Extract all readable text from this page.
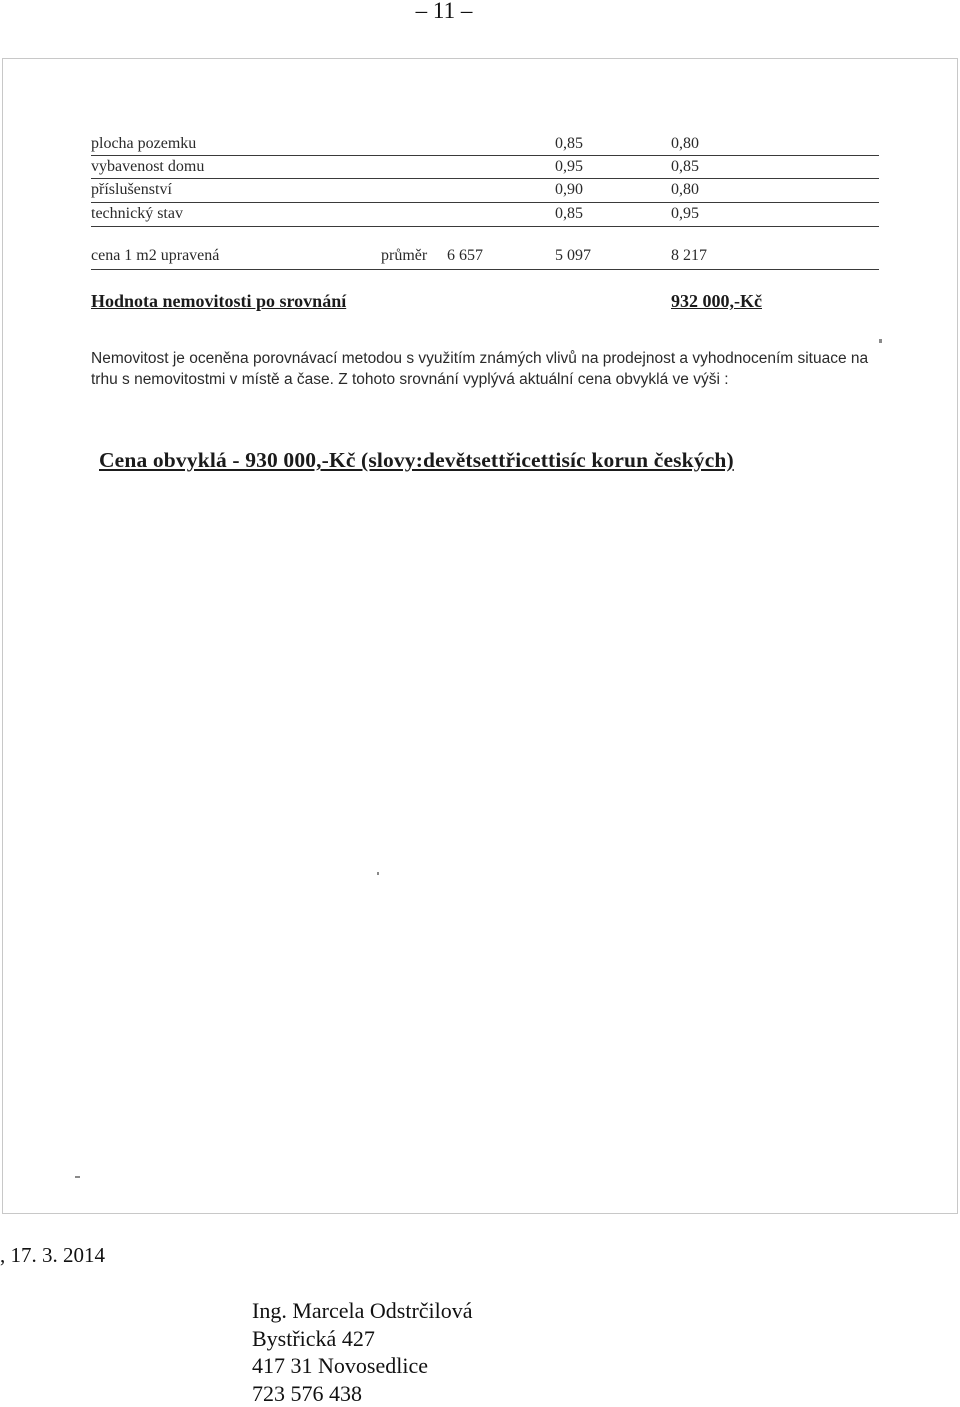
– 11 –
plocha pozemku	0,85	0,80
vybavenost domu	0,95	0,85
příslušenství	0,90	0,80
technický stav	0,85	0,95
cena 1 m2 upravená	průměr 6 657	5 097	8 217
Hodnota nemovitosti po srovnání	932 000,-Kč
Nemovitost je oceněna porovnávací metodou s využitím známých vlivů na prodejnost a vyhodnocením situace na trhu s nemovitostmi v místě a čase. Z tohoto srovnání vyplývá aktuální cena obvyklá ve výši :
Cena obvyklá - 930 000,-Kč (slovy:devětsettřicettisíc korun českých)
, 17. 3. 2014
Ing. Marcela Odstrčilová
Bystřická 427
417 31 Novosedlice
723 576 438
